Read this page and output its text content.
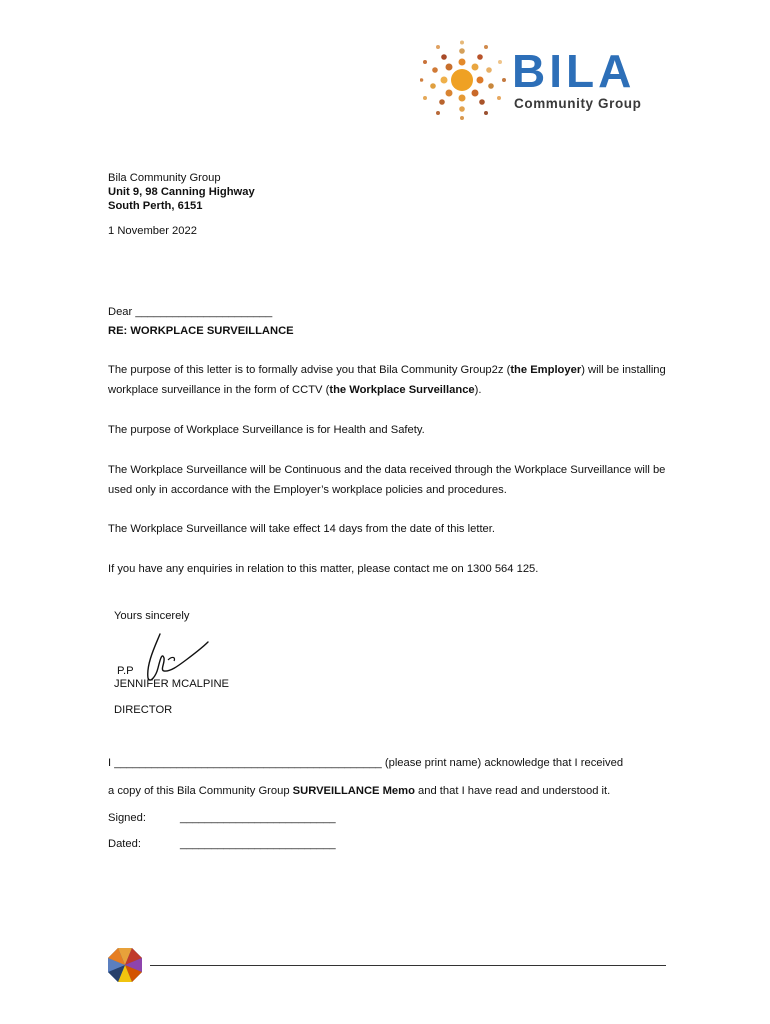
BILA
Community Group
Bila Community Group
Unit 9, 98 Canning Highway
South Perth, 6151
1 November 2022
Dear ______________________
RE: WORKPLACE SURVEILLANCE
The purpose of this letter is to formally advise you that Bila Community Group2z (the Employer) will be installing workplace surveillance in the form of CCTV (the Workplace Surveillance).
The purpose of Workplace Surveillance is for Health and Safety.
The Workplace Surveillance will be Continuous and the data received through the Workplace Surveillance will be used only in accordance with the Employer’s workplace policies and procedures.
The Workplace Surveillance will take effect 14 days from the date of this letter.
If you have any enquiries in relation to this matter, please contact me on 1300 564 125.
Yours sincerely
P.P
JENNIFER MCALPINE
DIRECTOR
I ___________________________________________ (please print name) acknowledge that I received
a copy of this Bila Community Group SURVEILLANCE Memo and that I have read and understood it.
Signed:	_________________________
Dated:	_________________________
